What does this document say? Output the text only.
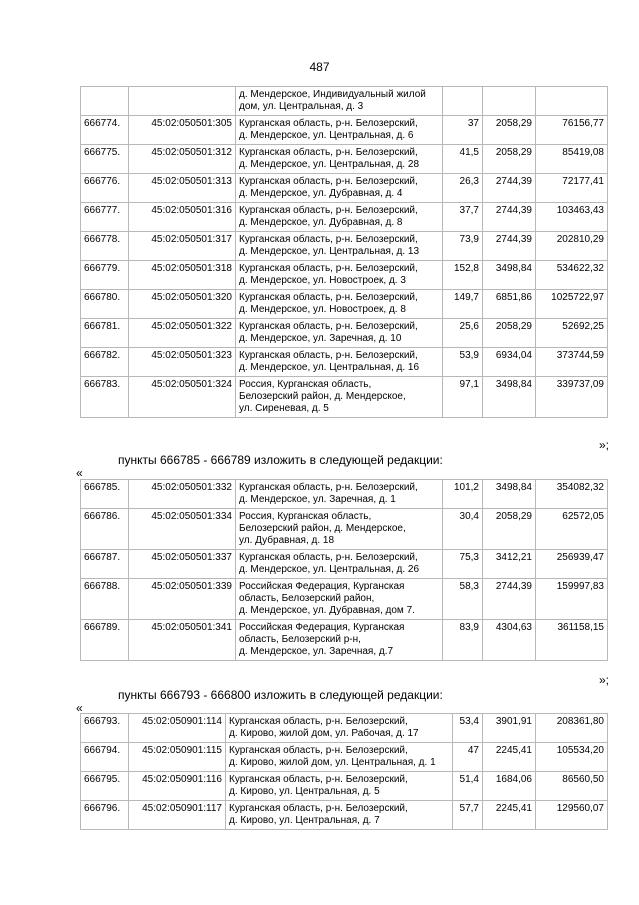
487

		д. Мендерское, Индивидуальный жилой
дом, ул. Центральная, д. 3			

666774.	45:02:050501:305	Курганская область, р-н. Белозерский,
д. Мендерское, ул. Центральная, д. 6	37	2058,29	76156,77
666775.	45:02:050501:312	Курганская область, р-н. Белозерский,
д. Мендерское, ул. Центральная, д. 28	41,5	2058,29	85419,08
666776.	45:02:050501:313	Курганская область, р-н. Белозерский,
д. Мендерское, ул. Дубравная, д. 4	26,3	2744,39	72177,41
666777.	45:02:050501:316	Курганская область, р-н. Белозерский,
д. Мендерское, ул. Дубравная, д. 8	37,7	2744,39	103463,43
666778.	45:02:050501:317	Курганская область, р-н. Белозерский,
д. Мендерское, ул. Центральная, д. 13	73,9	2744,39	202810,29
666779.	45:02:050501:318	Курганская область, р-н. Белозерский,
д. Мендерское, ул. Новостроек, д. 3	152,8	3498,84	534622,32
666780.	45:02:050501:320	Курганская область, р-н. Белозерский,
д. Мендерское, ул. Новостроек, д. 8	149,7	6851,86	1025722,97
666781.	45:02:050501:322	Курганская область, р-н. Белозерский,
д. Мендерское, ул. Заречная, д. 10	25,6	2058,29	52692,25
666782.	45:02:050501:323	Курганская область, р-н. Белозерский,
д. Мендерское, ул. Центральная, д. 16	53,9	6934,04	373744,59
666783.	45:02:050501:324	Россия, Курганская область,
Белозерский район, д. Мендерское,
ул. Сиреневая, д. 5	97,1	3498,84	339737,09
»;
пункты 666785 - 666789 изложить в следующей редакции:
«
666785.	45:02:050501:332	Курганская область, р-н. Белозерский,
д. Мендерское, ул. Заречная, д. 1	101,2	3498,84	354082,32
666786.	45:02:050501:334	Россия, Курганская область,
Белозерский район, д. Мендерское,
ул. Дубравная, д. 18	30,4	2058,29	62572,05
666787.	45:02:050501:337	Курганская область, р-н. Белозерский,
д. Мендерское, ул. Центральная, д. 26	75,3	3412,21	256939,47
666788.	45:02:050501:339	Российская Федерация, Курганская
область, Белозерский район,
д. Мендерское, ул. Дубравная, дом 7.	58,3	2744,39	159997,83
666789.	45:02:050501:341	Российская Федерация, Курганская
область, Белозерский р-н,
д. Мендерское, ул. Заречная, д.7	83,9	4304,63	361158,15
»;
пункты 666793 - 666800 изложить в следующей редакции:
«
666793.	45:02:050901:114	Курганская область, р-н. Белозерский,
д. Кирово, жилой дом, ул. Рабочая, д. 17	53,4	3901,91	208361,80
666794.	45:02:050901:115	Курганская область, р-н. Белозерский,
д. Кирово, жилой дом, ул. Центральная, д. 1	47	2245,41	105534,20
666795.	45:02:050901:116	Курганская область, р-н. Белозерский,
д. Кирово, ул. Центральная, д. 5	51,4	1684,06	86560,50
666796.	45:02:050901:117	Курганская область, р-н. Белозерский,
д. Кирово, ул. Центральная, д. 7	57,7	2245,41	129560,07
